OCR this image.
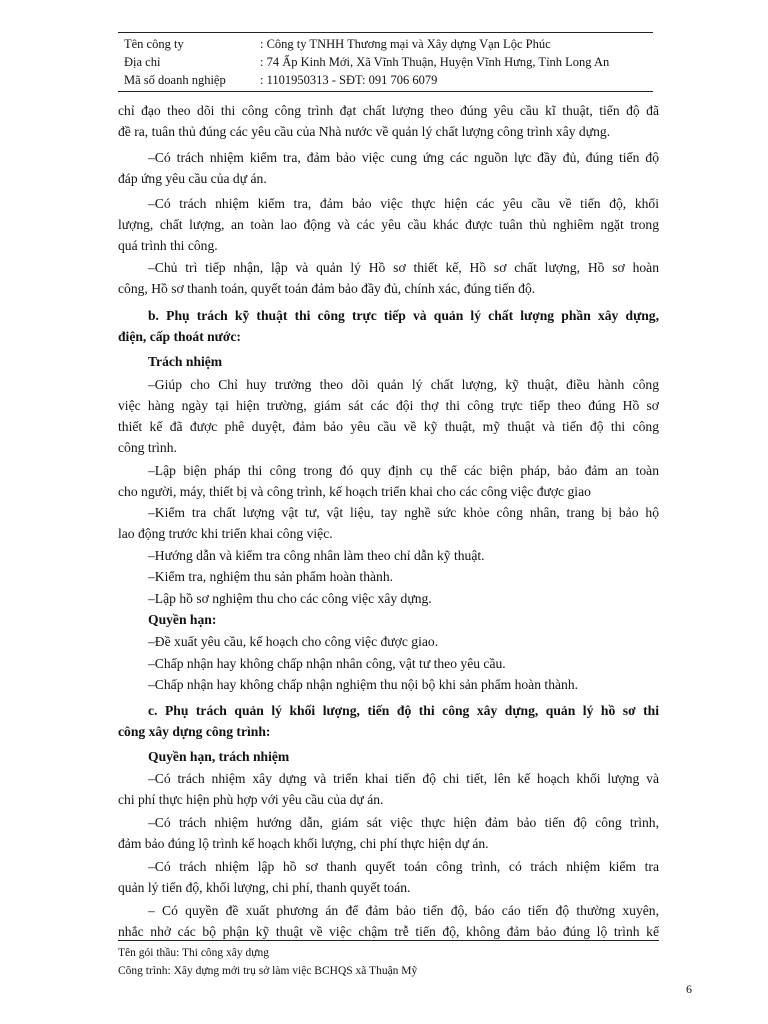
Tên công ty	: Công ty TNHH Thương mại và Xây dựng Vạn Lộc Phúc
Địa chỉ	: 74 Ấp Kinh Mới, Xã Vĩnh Thuận, Huyện Vĩnh Hưng, Tỉnh Long An
Mã số doanh nghiệp	: 1101950313 - SĐT: 091 706 6079
chỉ đạo theo dõi thi công công trình đạt chất lượng theo đúng yêu cầu kĩ thuật, tiến độ đã
đề ra, tuân thủ đúng các yêu cầu của Nhà nước về quản lý chất lượng công trình xây dựng.
–Có trách nhiệm kiểm tra, đảm bảo việc cung ứng các nguồn lực đầy đủ, đúng tiến độ
đáp ứng yêu cầu của dự án.
–Có trách nhiệm kiểm tra, đảm bảo việc thực hiện các yêu cầu về tiến độ, khối
lượng, chất lượng, an toàn lao động và các yêu cầu khác được tuân thủ nghiêm ngặt trong
quá trình thi công.
–Chủ trì tiếp nhận, lập và quản lý Hồ sơ thiết kế, Hồ sơ chất lượng, Hồ sơ hoàn
công, Hồ sơ thanh toán, quyết toán đảm bảo đầy đủ, chính xác, đúng tiến độ.
b. Phụ trách kỹ thuật thi công trực tiếp và quản lý chất lượng phần xây dựng,
điện, cấp thoát nước:
Trách nhiệm
–Giúp cho Chỉ huy trưởng theo dõi quản lý chất lượng, kỹ thuật, điều hành công
việc hàng ngày tại hiện trường, giám sát các đội thợ thi công trực tiếp theo đúng Hồ sơ
thiết kế đã được phê duyệt, đảm bảo yêu cầu về kỹ thuật, mỹ thuật và tiến độ thi công
công trình.
–Lập biện pháp thi công trong đó quy định cụ thể các biện pháp, bảo đảm an toàn
cho người, máy, thiết bị và công trình, kế hoạch triển khai cho các công việc được giao
–Kiểm tra chất lượng vật tư, vật liệu, tay nghề sức khỏe công nhân, trang bị bảo hộ
lao động trước khi triển khai công việc.
–Hướng dẫn và kiểm tra công nhân làm theo chỉ dẫn kỹ thuật.
–Kiểm tra, nghiệm thu sản phẩm hoàn thành.
–Lập hồ sơ nghiệm thu cho các công việc xây dựng.
Quyền hạn:
–Đề xuất yêu cầu, kế hoạch cho công việc được giao.
–Chấp nhận hay không chấp nhận nhân công, vật tư theo yêu cầu.
–Chấp nhận hay không chấp nhận nghiệm thu nội bộ khi sản phẩm hoàn thành.
c. Phụ trách quản lý khối lượng, tiến độ thi công xây dựng, quản lý hồ sơ thi
công xây dựng công trình:
Quyền hạn, trách nhiệm
–Có trách nhiệm xây dựng và triển khai tiến độ chi tiết, lên kế hoạch khối lượng và
chi phí thực hiện phù hợp với yêu cầu của dự án.
–Có trách nhiệm hướng dẫn, giám sát việc thực hiện đảm bảo tiến độ công trình,
đảm bảo đúng lộ trình kế hoạch khối lượng, chi phí thực hiện dự án.
–Có trách nhiệm lập hồ sơ thanh quyết toán công trình, có trách nhiệm kiểm tra
quản lý tiến độ, khối lượng, chi phí, thanh quyết toán.
– Có quyền đề xuất phương án để đảm bảo tiến độ, báo cáo tiến độ thường xuyên,
nhắc nhở các bộ phận kỹ thuật về việc chậm trễ tiến độ, không đảm bảo đúng lộ trình kế
Tên gói thầu: Thi công xây dựng
Công trình: Xây dựng mới trụ sở làm việc BCHQS xã Thuận Mỹ
6
